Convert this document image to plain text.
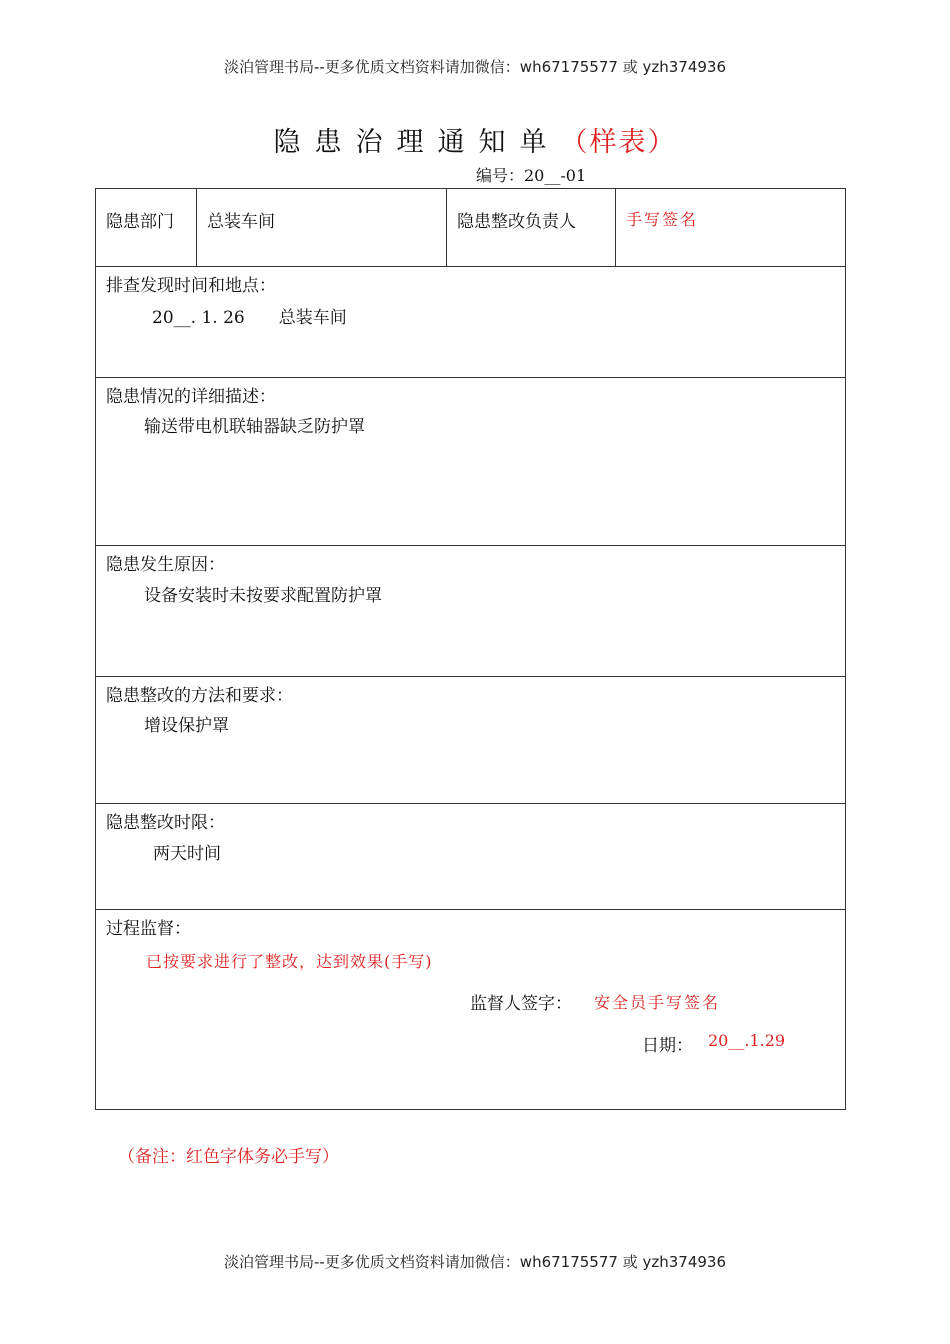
淡泊管理书局--更多优质文档资料请加微信：wh67175577 或 yzh374936
隐患治理通知单（样表）
编号：20__-01
隐患部门 总装车间	隐患整改负责人	手写签名
排查发现时间和地点：
20__. 1. 26　　总装车间
隐患情况的详细描述：
输送带电机联轴器缺乏防护罩
隐患发生原因：
设备安装时未按要求配置防护罩
隐患整改的方法和要求：
增设保护罩
隐患整改时限：
两天时间
过程监督：
已按要求进行了整改，达到效果(手写)
监督人签字： 安全员手写签名
日期： 20__.1.29
（备注：红色字体务必手写）
淡泊管理书局--更多优质文档资料请加微信：wh67175577 或 yzh374936
